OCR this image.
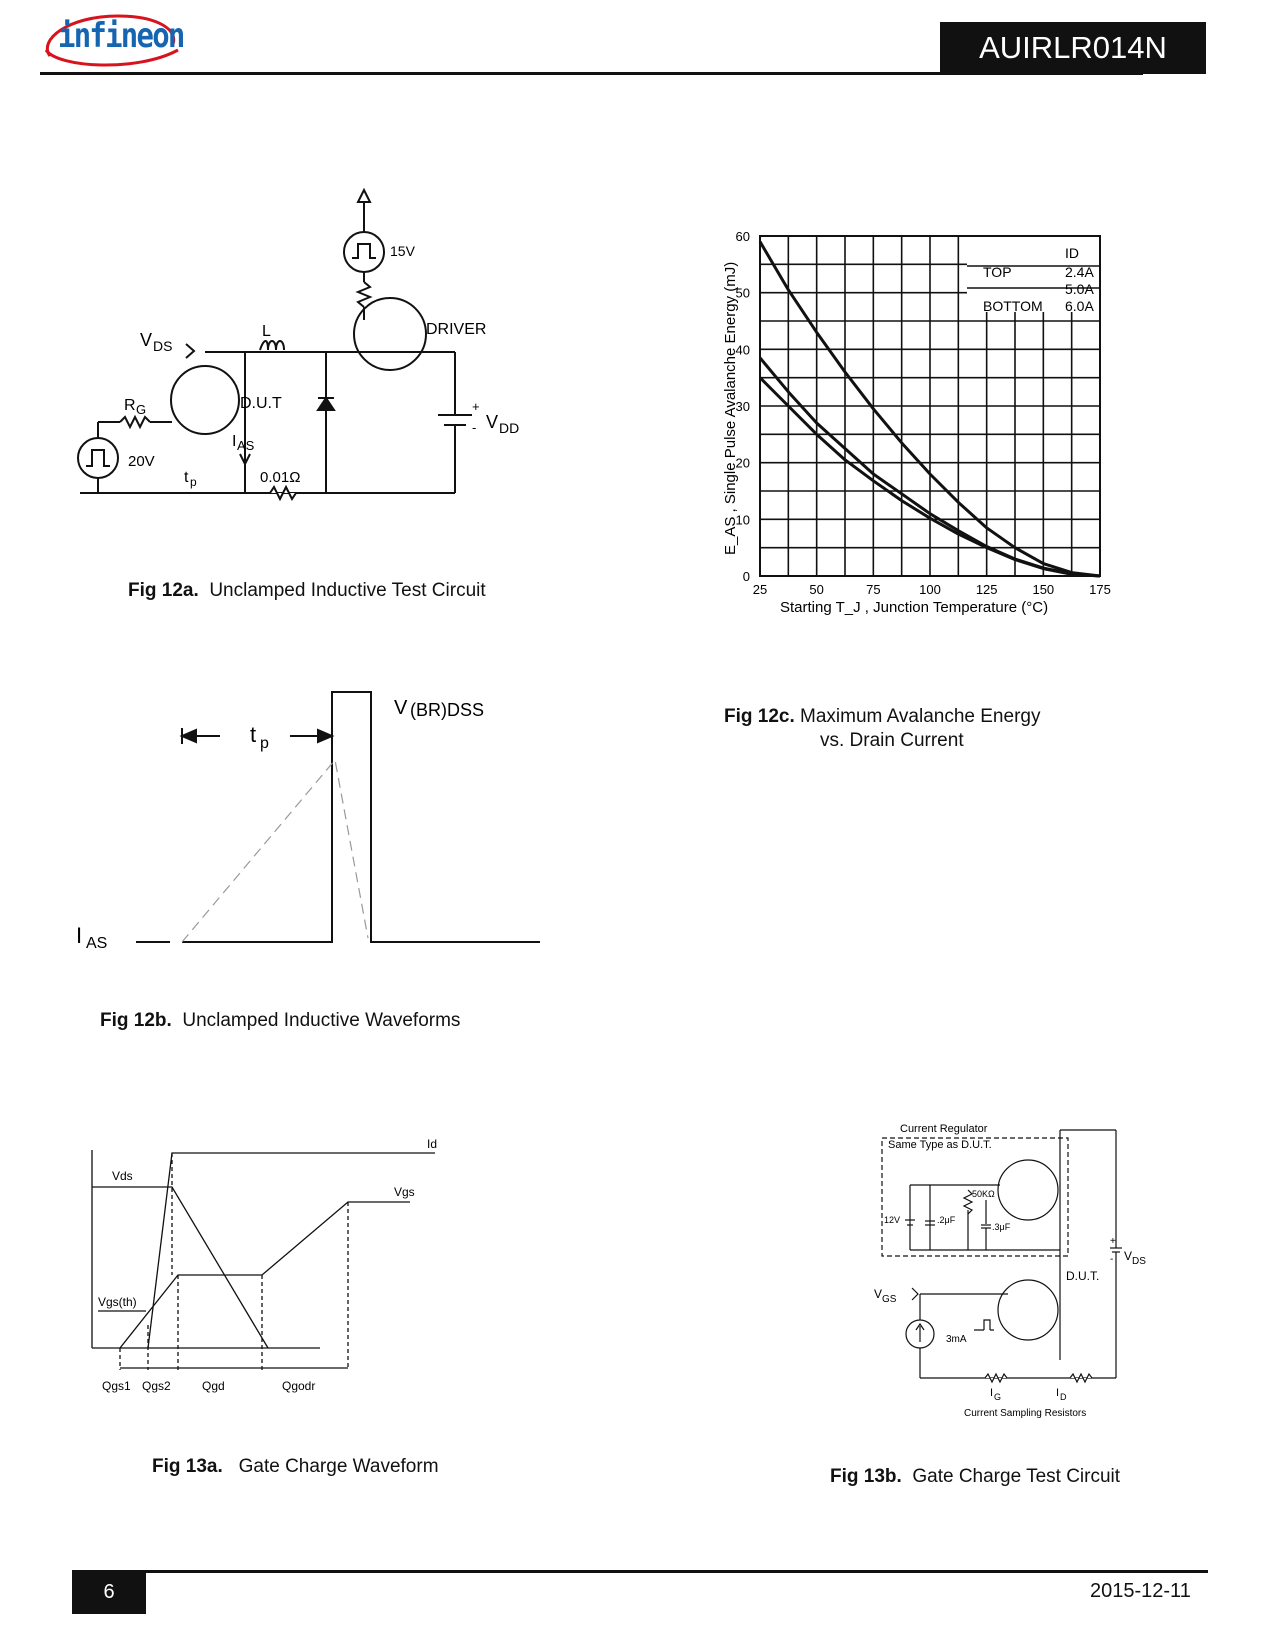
infineon	AUIRLR014N
V DS
L
15V
DRIVER
R G	D.U.T
I AS
20V
t p	0.01Ω
+
- V DD
Fig 12a. Unclamped Inductive Test Circuit	25	50	75	100	125	150	175
0
10
20
30
40
50
60
ID
TOP	2.4A
5.0A
BOTTOM 6.0A
E_AS , Single Pulse Avalanche Energy (mJ)
Starting T_J , Junction Temperature (°C)
Fig 12c. Maximum Avalanche Energy
vs. Drain Current
V (BR)DSS
t p
I AS
Fig 12b. Unclamped Inductive Waveforms
Vds
Id
Vgs
Vgs(th)
Qgs1 Qgs2	Qgd	Qgodr
Fig 13a. Gate Charge Waveform
Current Regulator
Same Type as D.U.T.
50KΩ
12V	.2μF
.3μF
D.U.T.
+
- V DS
V GS
3mA
I G	I D
Current Sampling Resistors
Fig 13b. Gate Charge Test Circuit
6	2015-12-11
